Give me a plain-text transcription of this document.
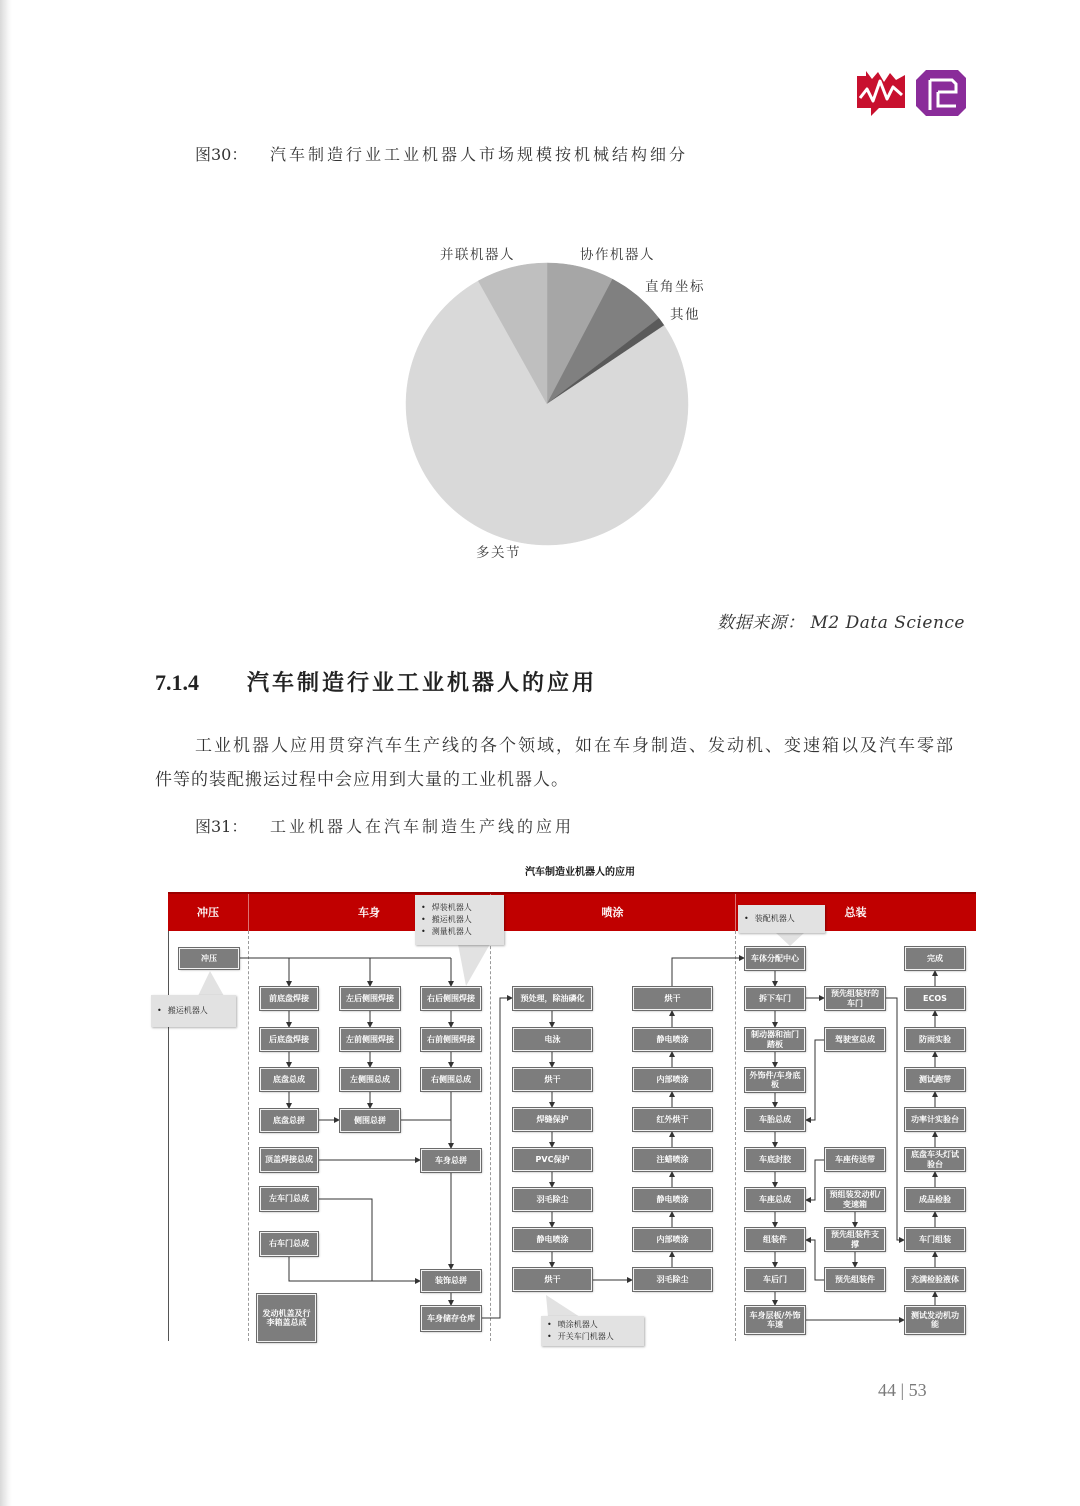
图30： 汽车制造行业工业机器人市场规模按机械结构细分
协作机器人
直角坐标
其他
多关节
并联机器人
数据来源： M2 Data Science
7.1.4 汽车制造行业工业机器人的应用
工业机器人应用贯穿汽车生产线的各个领域，如在车身制造、发动机、变速箱以及汽车零部
件等的装配搬运过程中会应用到大量的工业机器人。
图31： 工业机器人在汽车制造生产线的应用
汽车制造业机器人的应用
冲压	车身	喷涂	总装
冲压
前底盘焊接	左后侧围焊接	右后侧围焊接
后底盘焊接	左前侧围焊接	右前侧围焊接
底盘总成	左侧围总成	右侧围总成
底盘总拼	侧围总拼
顶盖焊接总成	车身总拼
左车门总成
右车门总成
装饰总拼
发动机盖及行李箱盖总成	车身储存仓库
预处理，除油磷化
电泳
烘干
焊缝保护
PVC保护
羽毛除尘
静电喷涂
烘干
烘干
静电喷涂
内部喷涂
红外烘干
注蜡喷涂
静电喷涂
内部喷涂
羽毛除尘
车体分配中心
拆下车门
制动器和油门踏板
外饰件/车身底板
车胎总成
车底封胶
车座总成
组装件
车后门
车身层板/外饰车速
预先组装好的车门
驾驶室总成
车座传送带
预组装发动机/变速箱
预先组装件支撑
预先组装件
完成
ECOS
防雨实验
测试跑带
功率计实验台
底盘车头灯试验台
成品检验
车门组装
充满检验液体
测试发动机功能
• 焊装机器人
• 搬运机器人
• 测量机器人
• 装配机器人
• 搬运机器人
• 喷涂机器人
• 开关车门机器人
44 | 53
